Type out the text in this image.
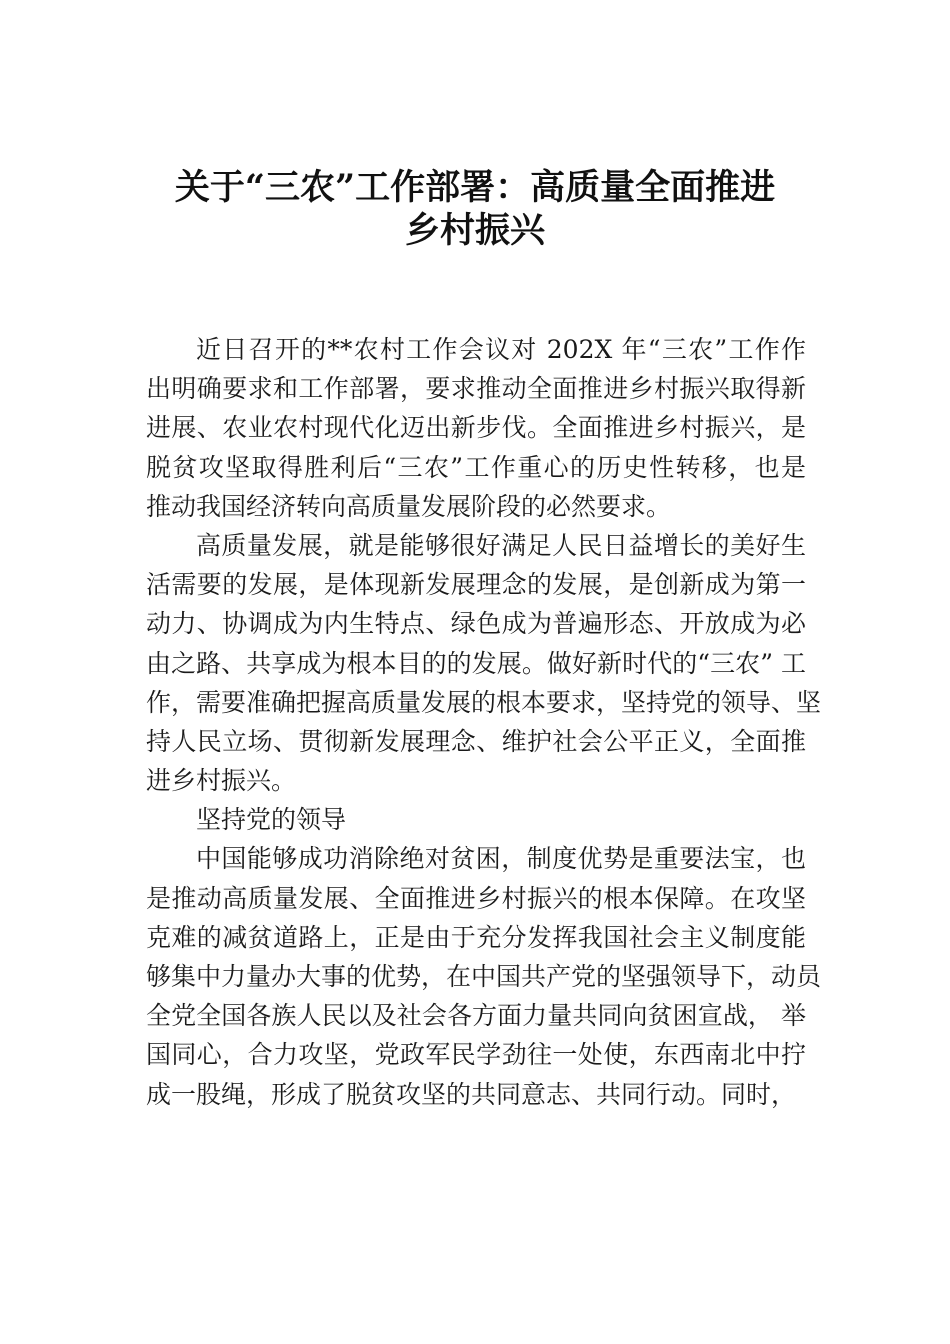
关于“三农”工作部署：高质量全面推进
乡村振兴
近日召开的**农村工作会议对 202X 年“三农”工作作
出明确要求和工作部署，要求推动全面推进乡村振兴取得新
进展、农业农村现代化迈出新步伐。全面推进乡村振兴，是
脱贫攻坚取得胜利后“三农”工作重心的历史性转移，也是
推动我国经济转向高质量发展阶段的必然要求。
高质量发展，就是能够很好满足人民日益增长的美好生
活需要的发展，是体现新发展理念的发展，是创新成为第一
动力、协调成为内生特点、绿色成为普遍形态、开放成为必
由之路、共享成为根本目的的发展。做好新时代的“三农” 工
作，需要准确把握高质量发展的根本要求，坚持党的领导、坚
持人民立场、贯彻新发展理念、维护社会公平正义，全面推
进乡村振兴。
坚持党的领导
中国能够成功消除绝对贫困，制度优势是重要法宝，也
是推动高质量发展、全面推进乡村振兴的根本保障。在攻坚
克难的减贫道路上，正是由于充分发挥我国社会主义制度能
够集中力量办大事的优势，在中国共产党的坚强领导下，动员
全党全国各族人民以及社会各方面力量共同向贫困宣战， 举
国同心，合力攻坚，党政军民学劲往一处使，东西南北中拧
成一股绳，形成了脱贫攻坚的共同意志、共同行动。同时，
